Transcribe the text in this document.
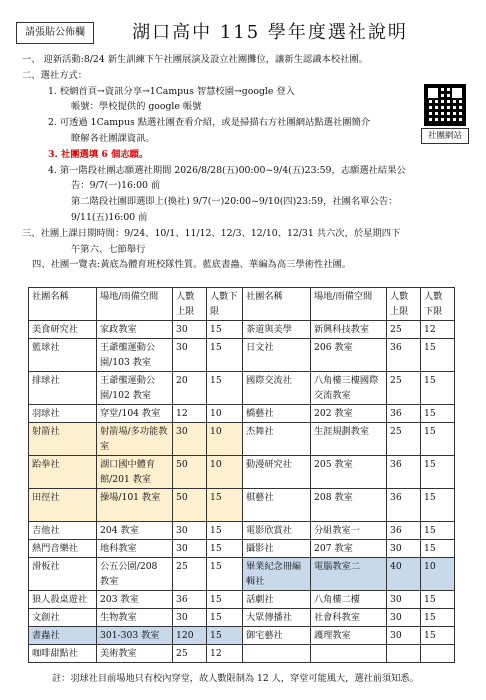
請張貼公佈欄	湖口高中 115 學年度選社說明
一、 迎新活動:8/24 新生訓練下午社團展演及設立社團攤位，讓新生認識本校社團。
二、選社方式：
1. 校網首頁→資訊分享→1Campus 智慧校園→google 登入
帳號：學校提供的 google 帳號
2. 可透過 1Campus 點選社團查看介紹，或是掃描右方社團網站點選社團簡介
瞭解各社團課資訊。
3. 社團選填 6 個志願。
4. 第一階段社團志願選社期間 2026/8/28(五)00:00~9/4(五)23:59，志願選社結果公
告：9/7(一)16:00 前
第二階段社團即選即上(換社) 9/7(一)20:00~9/10(四)23:59，社團名單公告：
9/11(五)16:00 前
三、社團上課日期時間：9/24、10/1、11/12、12/3、12/10、12/31 共六次，於星期四下
午第六、七節舉行
四、社團一覽表:黃底為體育班校隊性質。藍底書蟲、華編為高三學術性社團。
社團網站
社團名稱	場地/雨備空間	人數上限	人數下限	社團名稱	場地/雨備空間	人數上限	人數下限
美食研究社	家政教室	30	15	茶道與美學	新興科技教室	25	12
籃球社	王爺壟運動公園/103 教室	30	15	日文社	206 教室	36	15
排球社	王爺壟運動公園/102 教室	20	15	國際交流社	八角樓三樓國際交流教室	25	15
羽球社	穿堂/104 教室	12	10	橋藝社	202 教室	36	15
射箭社	射箭場/多功能教室	30	10	杰舞社	生涯規劃教室	25	15
跆拳社	湖口國中體育館/201 教室	50	10	動漫研究社	205 教室	36	15
田徑社	操場/101 教室	50	15	棋藝社	208 教室	36	15
吉他社	204 教室	30	15	電影欣賞社	分組教室一	36	15
熱門音樂社	地科教室	30	15	攝影社	207 教室	30	15
滑板社	公五公園/208 教室	25	15	畢業紀念冊編輯社	電腦教室二	40	10
狼人殺桌遊社	203 教室	36	15	話劇社	八角樓二樓	30	15
文創社	生物教室	30	15	大眾傳播社	社會科教室	30	15
書蟲社	301-303 教室	120	15	御宅藝社	護理教室	30	15
咖啡甜點社	美術教室	25	12				
註：羽球社目前場地只有校內穿堂，故人數限制為 12 人，穿堂可能風大，選社前須知悉。
